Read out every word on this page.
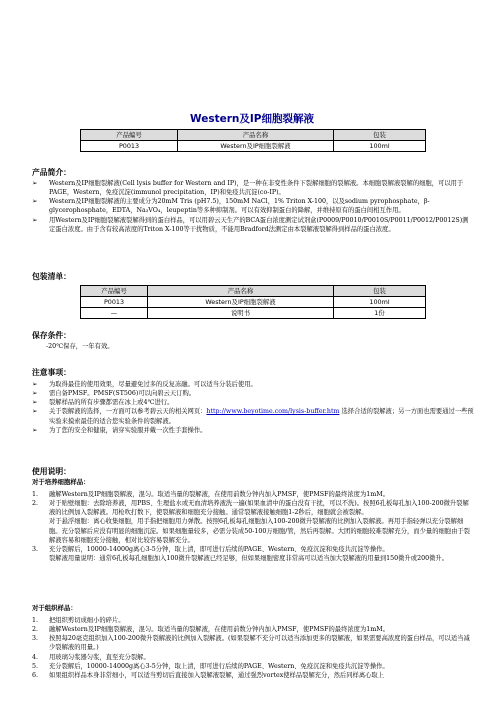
Western及IP细胞裂解液
产品编号	产品名称	包装
P0013	Western及IP细胞裂解液	100ml
产品简介：
➢ Western及IP细胞裂解液(Cell lysis buffer for Western and IP)，是一种在非变性条件下裂解细胞的裂解液。本细胞裂解液裂解的细胞，可以用于PAGE，Western，免疫沉淀(immunol precipitation，IP)和免疫共沉淀(co-IP)。
➢ Western及IP细胞裂解液的主要成分为20mM Tris (pH7.5)，150mM NaCl，1% Triton X-100，以及sodium pyrophosphate，β-glycerophosphate，EDTA，Na₃VO₄，leupeptin等多种抑制剂。可以有效抑制蛋白的降解，并维持原有的蛋白间相互作用。
➢ 用Western及IP细胞裂解液裂解得到的蛋白样品，可以用碧云天生产的BCA蛋白浓度测定试剂盒(P0009/P0010/P0010S/P0011/P0012/P0012S)测定蛋白浓度。由于含有较高浓度的Triton X-100等干扰物质，不能用Bradford法测定由本裂解液裂解得到样品的蛋白浓度。
包装清单：
产品编号	产品名称	包装
P0013	Western及IP细胞裂解液	100ml
—	说明书	1份
保存条件：
-20℃保存，一年有效。
注意事项：
➢ 为取得最佳的使用效果，尽量避免过多的反复冻融。可以适当分装后使用。
➢ 需自备PMSF。PMSF(ST506)可以向碧云天订购。
➢ 裂解样品的所有步骤都需在冰上或4℃进行。
➢ 关于裂解液的选择，一方面可以参考碧云天的相关网页：http://www.beyotime.com/lysis-buffer.htm 选择合适的裂解液；另一方面也需要通过一些预实验来摸索最佳的适合您实验条件的裂解液。
➢ 为了您的安全和健康，请穿实验服并戴一次性手套操作。
使用说明：
对于培养细胞样品：
1. 融解Western及IP细胞裂解液，混匀。取适当量的裂解液，在使用前数分钟内加入PMSF，使PMSF的最终浓度为1mM。
2. 对于贴壁细胞：去除培养液，用PBS、生理盐水或无血清培养液洗一遍(如果血清中的蛋白没有干扰，可以不洗)。按照6孔板每孔加入100-200微升裂解液的比例加入裂解液。用枪吹打数下，使裂解液和细胞充分接触。通常裂解液接触细胞1-2秒后，细胞就会被裂解。
对于悬浮细胞：离心收集细胞，用手指把细胞用力弹散。按照6孔板每孔细胞加入100-200微升裂解液的比例加入裂解液。再用手指轻弹以充分裂解细胞。充分裂解后应没有明显的细胞沉淀。如果细胞量较多，必需分装成50-100万细胞/管，然后再裂解。大团的细胞较难裂解充分，而少量的细胞由于裂解液容易和细胞充分接触，相对比较容易裂解充分。
3. 充分裂解后，10000-14000g离心3-5分钟，取上清，即可进行后续的PAGE、Western、免疫沉淀和免疫共沉淀等操作。
裂解液用量说明：通常6孔板每孔细胞加入100微升裂解液已经足够，但如果细胞密度非常高可以适当加大裂解液的用量到150微升或200微升。
对于组织样品：
1. 把组织剪切成细小的碎片。
2. 融解Western及IP细胞裂解液，混匀。取适当量的裂解液，在使用前数分钟内加入PMSF，使PMSF的最终浓度为1mM。
3. 按照每20毫克组织加入100-200微升裂解液的比例加入裂解液。(如果裂解不充分可以适当添加更多的裂解液，如果需要高浓度的蛋白样品，可以适当减少裂解液的用量。)
4. 用玻璃匀浆器匀浆，直至充分裂解。
5. 充分裂解后，10000-14000g离心3-5分钟，取上清，即可进行后续的PAGE、Western、免疫沉淀和免疫共沉淀等操作。
6. 如果组织样品本身非常细小，可以适当剪切后直接加入裂解液裂解，通过强烈vortex使样品裂解充分，然后同样离心取上
